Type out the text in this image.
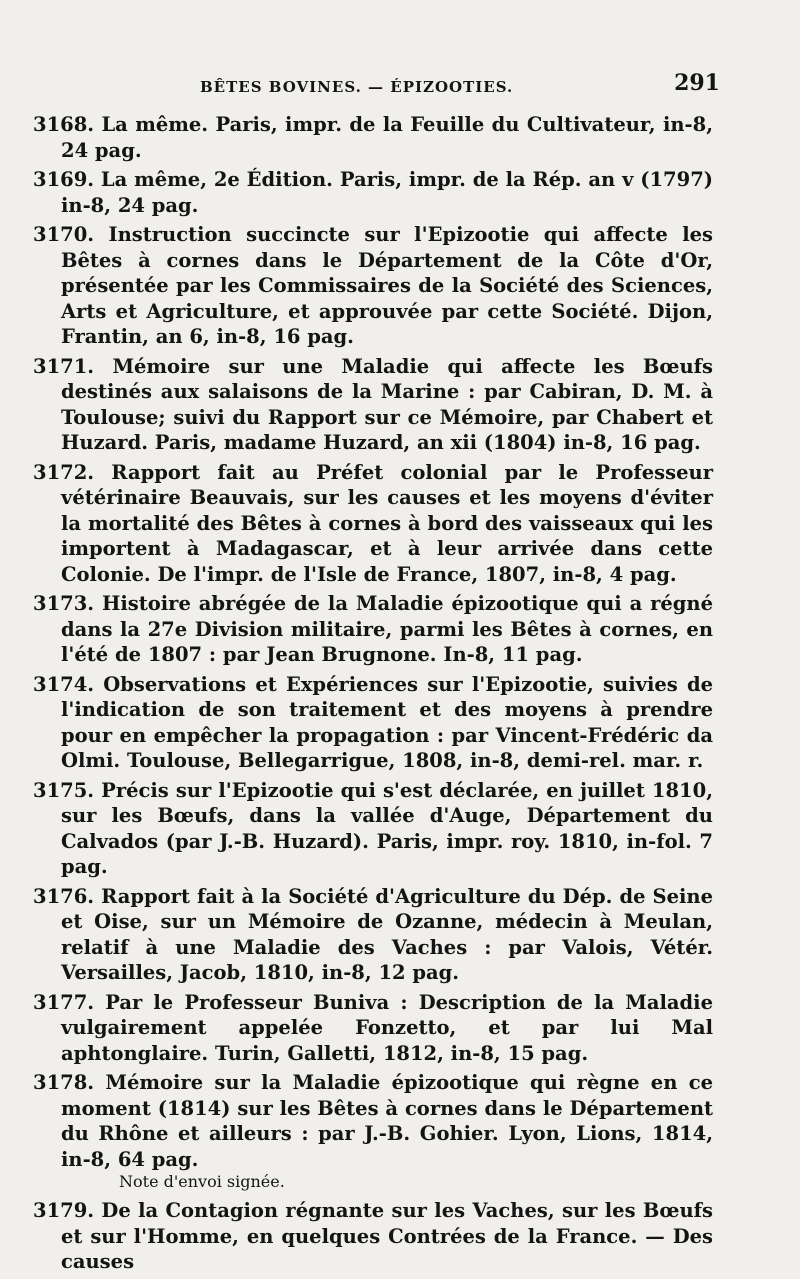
BÊTES BOVINES. — ÉPIZOOTIES.	291
3168. La même. Paris, impr. de la Feuille du Cultivateur, in-8, 24 pag.
3169. La même, 2e Édition. Paris, impr. de la Rép. an v (1797) in-8, 24 pag.
3170. Instruction succincte sur l'Epizootie qui affecte les Bêtes à cornes dans le Département de la Côte d'Or, présentée par les Commissaires de la Société des Sciences, Arts et Agriculture, et approuvée par cette Société. Dijon, Frantin, an 6, in-8, 16 pag.
3171. Mémoire sur une Maladie qui affecte les Bœufs destinés aux salaisons de la Marine : par Cabiran, D. M. à Toulouse; suivi du Rapport sur ce Mémoire, par Chabert et Huzard. Paris, madame Huzard, an xii (1804) in-8, 16 pag.
3172. Rapport fait au Préfet colonial par le Professeur vétérinaire Beauvais, sur les causes et les moyens d'éviter la mortalité des Bêtes à cornes à bord des vaisseaux qui les importent à Madagascar, et à leur arrivée dans cette Colonie. De l'impr. de l'Isle de France, 1807, in-8, 4 pag.
3173. Histoire abrégée de la Maladie épizootique qui a régné dans la 27e Division militaire, parmi les Bêtes à cornes, en l'été de 1807 : par Jean Brugnone. In-8, 11 pag.
3174. Observations et Expériences sur l'Epizootie, suivies de l'indication de son traitement et des moyens à prendre pour en empêcher la propagation : par Vincent-Frédéric da Olmi. Toulouse, Bellegarrigue, 1808, in-8, demi-rel. mar. r.
3175. Précis sur l'Epizootie qui s'est déclarée, en juillet 1810, sur les Bœufs, dans la vallée d'Auge, Département du Calvados (par J.-B. Huzard). Paris, impr. roy. 1810, in-fol. 7 pag.
3176. Rapport fait à la Société d'Agriculture du Dép. de Seine et Oise, sur un Mémoire de Ozanne, médecin à Meulan, relatif à une Maladie des Vaches : par Valois, Vétér. Versailles, Jacob, 1810, in-8, 12 pag.
3177. Par le Professeur Buniva : Description de la Maladie vulgairement appelée Fonzetto, et par lui Mal aphtonglaire. Turin, Galletti, 1812, in-8, 15 pag.
3178. Mémoire sur la Maladie épizootique qui règne en ce moment (1814) sur les Bêtes à cornes dans le Département du Rhône et ailleurs : par J.-B. Gohier. Lyon, Lions, 1814, in-8, 64 pag.
Note d'envoi signée.
3179. De la Contagion régnante sur les Vaches, sur les Bœufs et sur l'Homme, en quelques Contrées de la France. — Des causes
